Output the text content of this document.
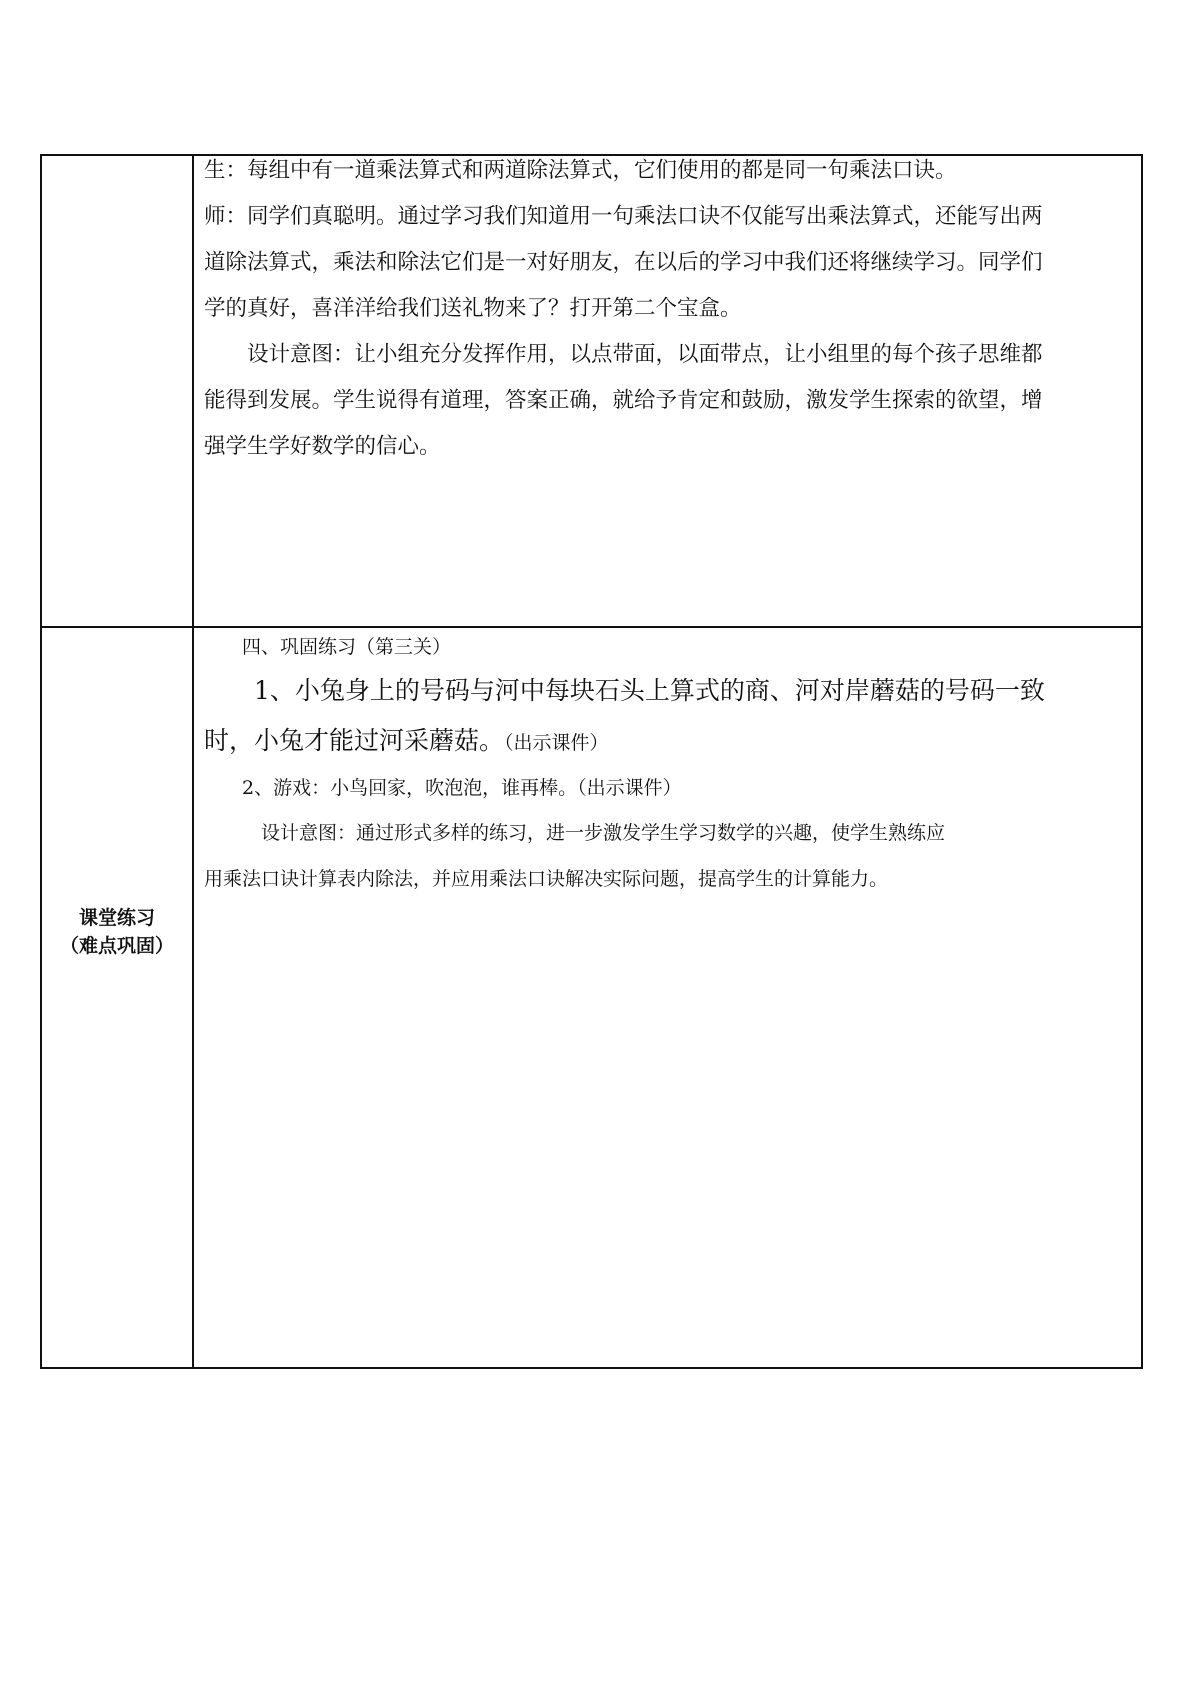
生：每组中有一道乘法算式和两道除法算式，它们使用的都是同一句乘法口诀。
师：同学们真聪明。通过学习我们知道用一句乘法口诀不仅能写出乘法算式，还能写出两
道除法算式，乘法和除法它们是一对好朋友，在以后的学习中我们还将继续学习。同学们
学的真好，喜洋洋给我们送礼物来了？打开第二个宝盒。
　　设计意图：让小组充分发挥作用，以点带面，以面带点，让小组里的每个孩子思维都
能得到发展。学生说得有道理，答案正确，就给予肯定和鼓励，激发学生探索的欲望，增
强学生学好数学的信心。
课堂练习
（难点巩固）
　　四、巩固练习（第三关）
　　1、小兔身上的号码与河中每块石头上算式的商、河对岸蘑菇的号码一致
时，小兔才能过河采蘑菇。（出示课件）
　　2、游戏：小鸟回家，吹泡泡，谁再棒。（出示课件）
　　　设计意图：通过形式多样的练习，进一步激发学生学习数学的兴趣，使学生熟练应
用乘法口诀计算表内除法，并应用乘法口诀解决实际问题，提高学生的计算能力。
